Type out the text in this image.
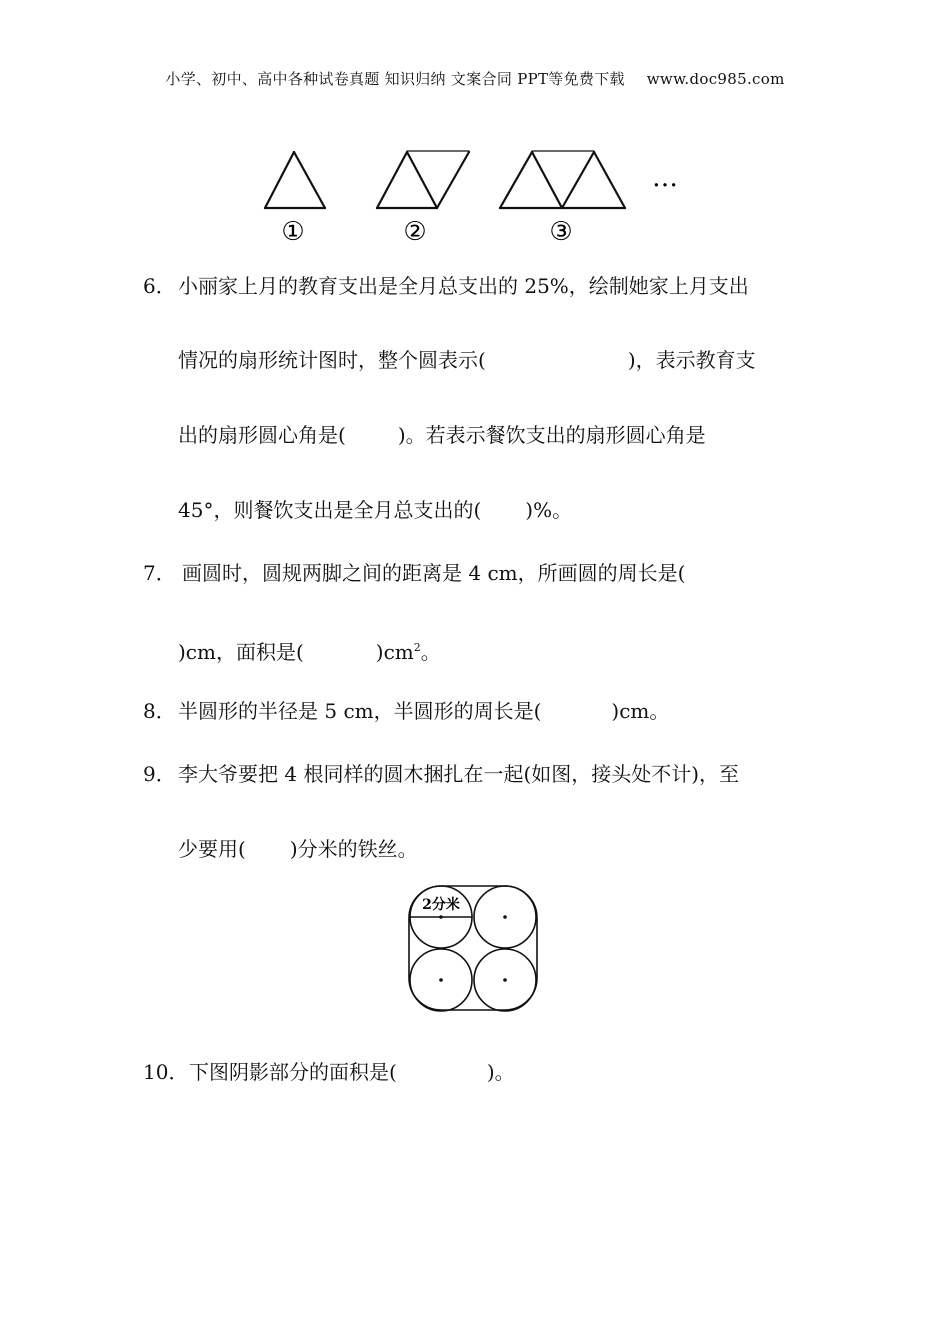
小学、初中、高中各种试卷真题 知识归纳 文案合同 PPT等免费下载 www.doc985.com
①	②	③
…
6． 小丽家上月的教育支出是全月总支出的 25%，绘制她家上月支出
情况的扇形统计图时，整个圆表示(	)，表示教育支
出的扇形圆心角是(	)。若表示餐饮支出的扇形圆心角是
45°，则餐饮支出是全月总支出的( )%。
7． 画圆时，圆规两脚之间的距离是 4 cm，所画圆的周长是(
)cm，面积是(	)$cm^2$。
8． 半圆形的半径是 5 cm，半圆形的周长是(	)cm。
9． 李大爷要把 4 根同样的圆木捆扎在一起(如图，接头处不计)，至
少要用( )分米的铁丝。
2分米
10．下图阴影部分的面积是(	)。
